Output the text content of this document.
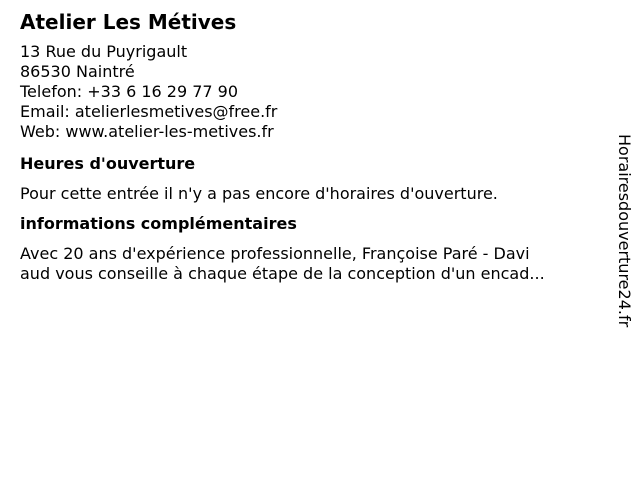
Atelier Les Métives
13 Rue du Puyrigault
86530 Naintré
Telefon: +33 6 16 29 77 90
Email: atelierlesmetives@free.fr
Web: www.atelier-les-metives.fr
Heures d'ouverture
Pour cette entrée il n'y a pas encore d'horaires d'ouverture.
informations complémentaires
Avec 20 ans d'expérience professionnelle, Françoise Paré - Davi
aud vous conseille à chaque étape de la conception d'un encad...	Horairesdouverture24.fr
